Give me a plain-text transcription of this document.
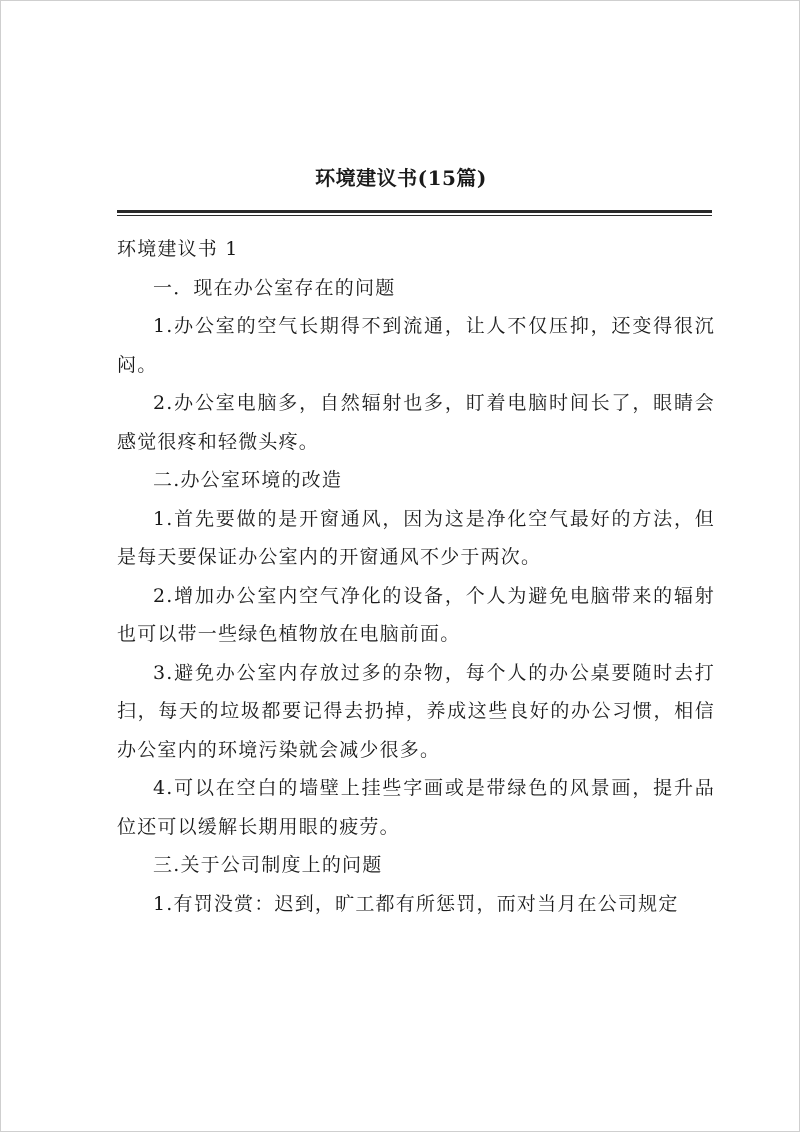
环境建议书(15篇)

环境建议书 1

一．现在办公室存在的问题

1.办公室的空气长期得不到流通，让人不仅压抑，还变得很沉闷。

2.办公室电脑多，自然辐射也多，盯着电脑时间长了，眼睛会感觉很疼和轻微头疼。

二.办公室环境的改造

1.首先要做的是开窗通风，因为这是净化空气最好的方法，但是每天要保证办公室内的开窗通风不少于两次。

2.增加办公室内空气净化的设备，个人为避免电脑带来的辐射也可以带一些绿色植物放在电脑前面。

3.避免办公室内存放过多的杂物，每个人的办公桌要随时去打扫，每天的垃圾都要记得去扔掉，养成这些良好的办公习惯，相信办公室内的环境污染就会减少很多。

4.可以在空白的墙壁上挂些字画或是带绿色的风景画，提升品位还可以缓解长期用眼的疲劳。

三.关于公司制度上的问题

1.有罚没赏：迟到，旷工都有所惩罚，而对当月在公司规定
